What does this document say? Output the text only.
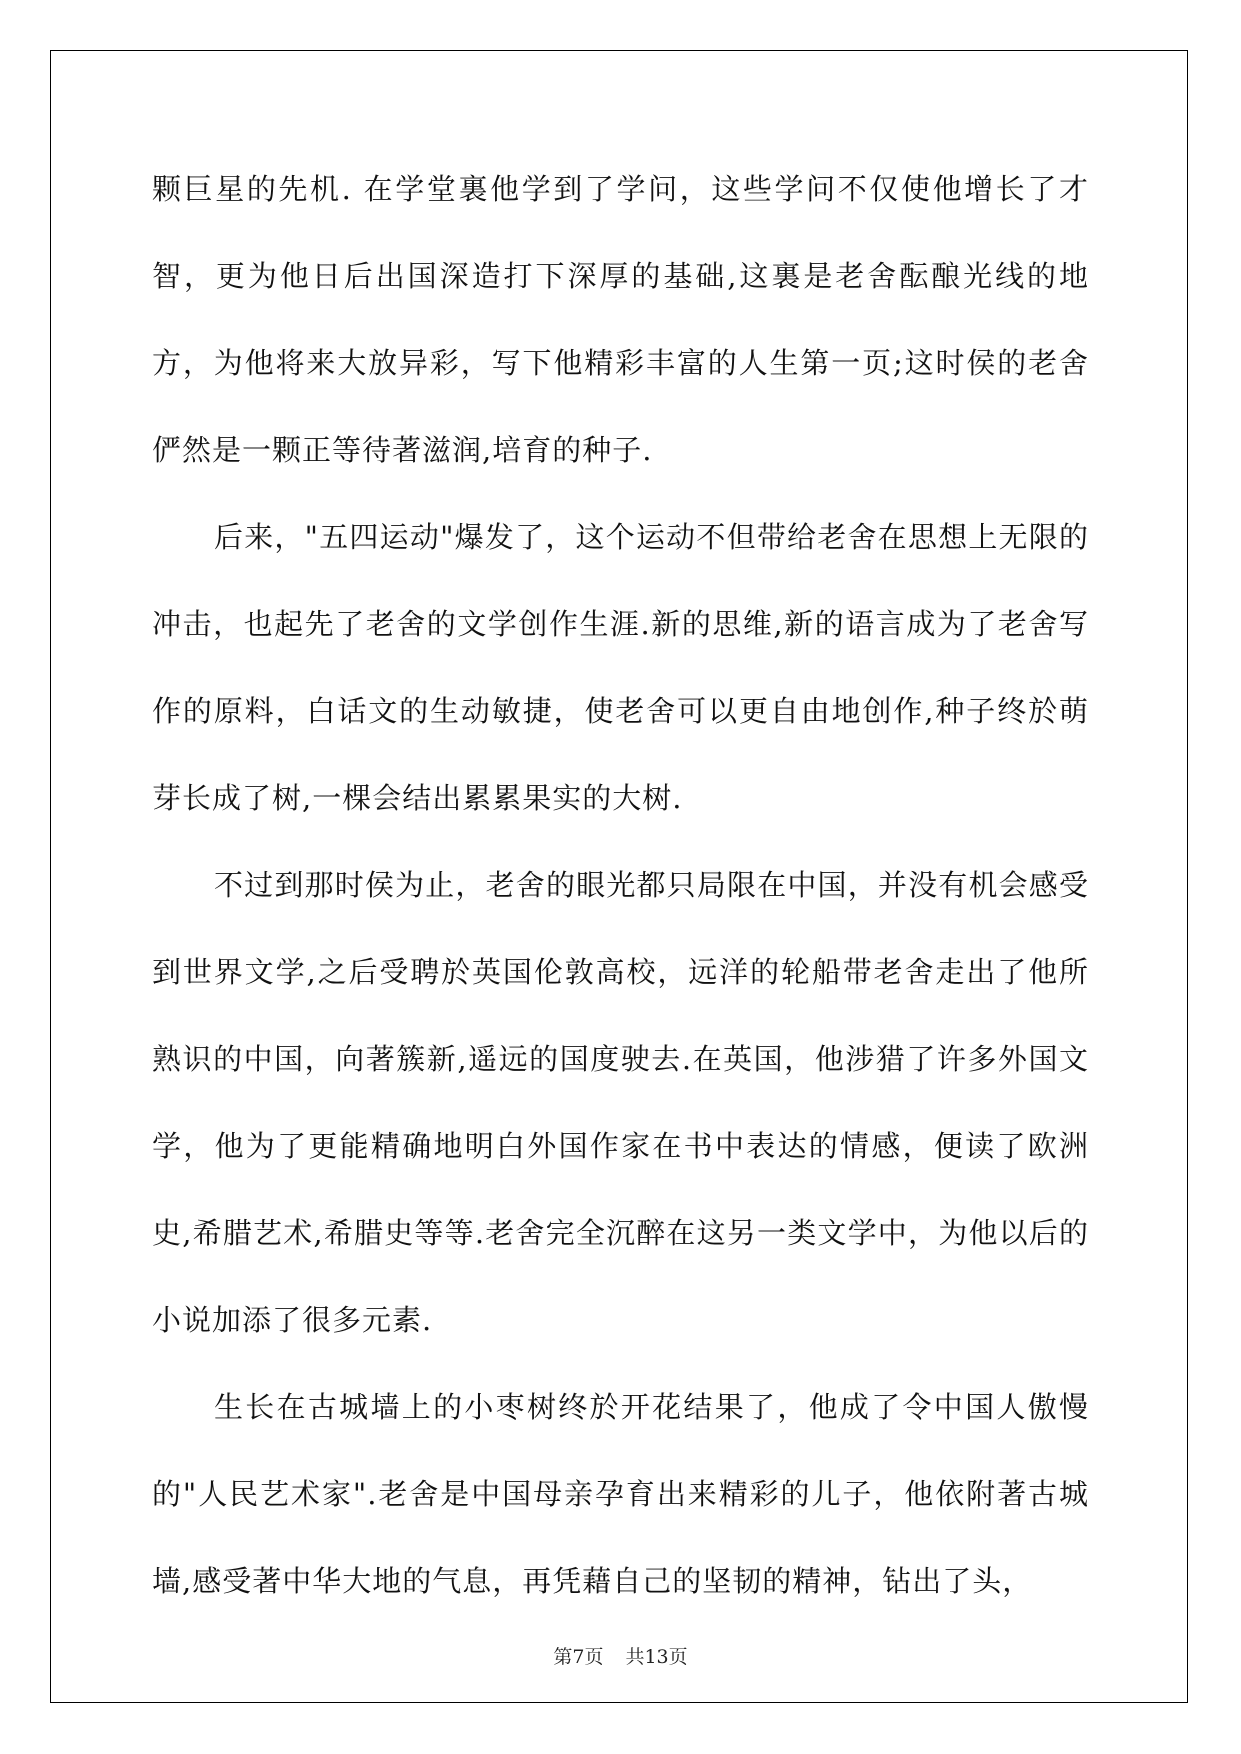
颗巨星的先机. 在学堂裏他学到了学问，这些学问不仅使他增长了才智，更为他日后出国深造打下深厚的基础,这裏是老舍酝酿光线的地方，为他将来大放异彩，写下他精彩丰富的人生第一页;这时侯的老舍俨然是一颗正等待著滋润,培育的种子.

后来，"五四运动"爆发了，这个运动不但带给老舍在思想上无限的冲击，也起先了老舍的文学创作生涯.新的思维,新的语言成为了老舍写作的原料，白话文的生动敏捷，使老舍可以更自由地创作,种子终於萌芽长成了树,一棵会结出累累果实的大树.

不过到那时侯为止，老舍的眼光都只局限在中国，并没有机会感受到世界文学,之后受聘於英国伦敦高校，远洋的轮船带老舍走出了他所熟识的中国，向著簇新,遥远的国度驶去.在英国，他涉猎了许多外国文学，他为了更能精确地明白外国作家在书中表达的情感，便读了欧洲史,希腊艺术,希腊史等等.老舍完全沉醉在这另一类文学中，为他以后的小说加添了很多元素.

生长在古城墙上的小枣树终於开花结果了，他成了令中国人傲慢的"人民艺术家".老舍是中国母亲孕育出来精彩的儿子，他依附著古城墙,感受著中华大地的气息，再凭藉自己的坚韧的精神，钻出了头，

第7页 共13页
